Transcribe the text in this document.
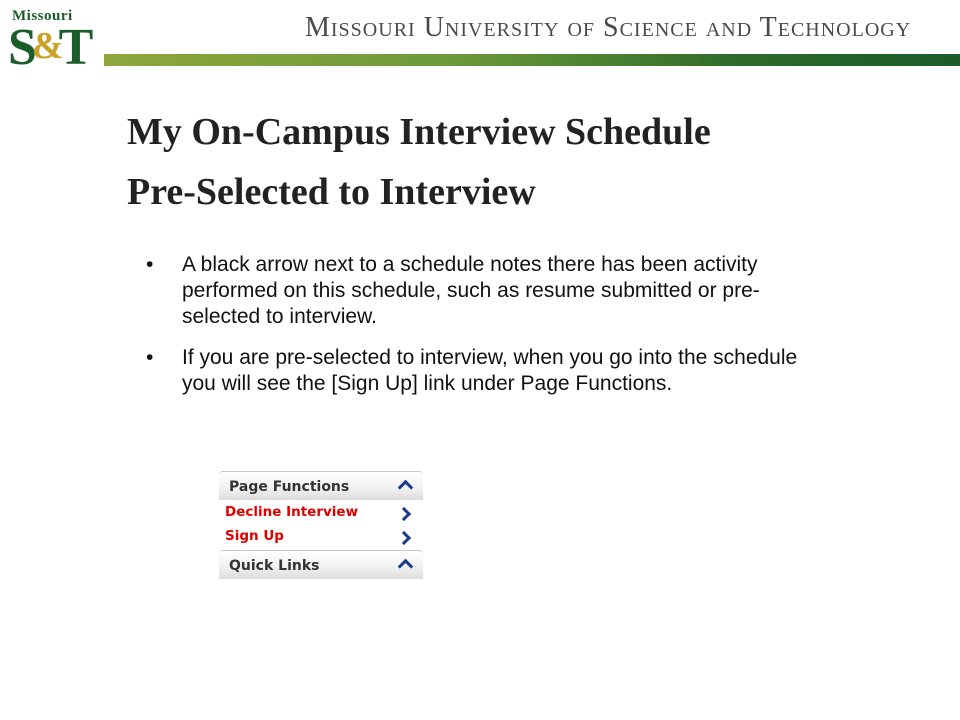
Missouri
S&T	Missouri University of Science and Technology
My On-Campus Interview Schedule
Pre-Selected to Interview
• A black arrow next to a schedule notes there has been activity performed on this schedule, such as resume submitted or pre-selected to interview.
• If you are pre-selected to interview, when you go into the schedule you will see the [Sign Up] link under Page Functions.
Page Functions
Decline Interview
Sign Up
Quick Links
